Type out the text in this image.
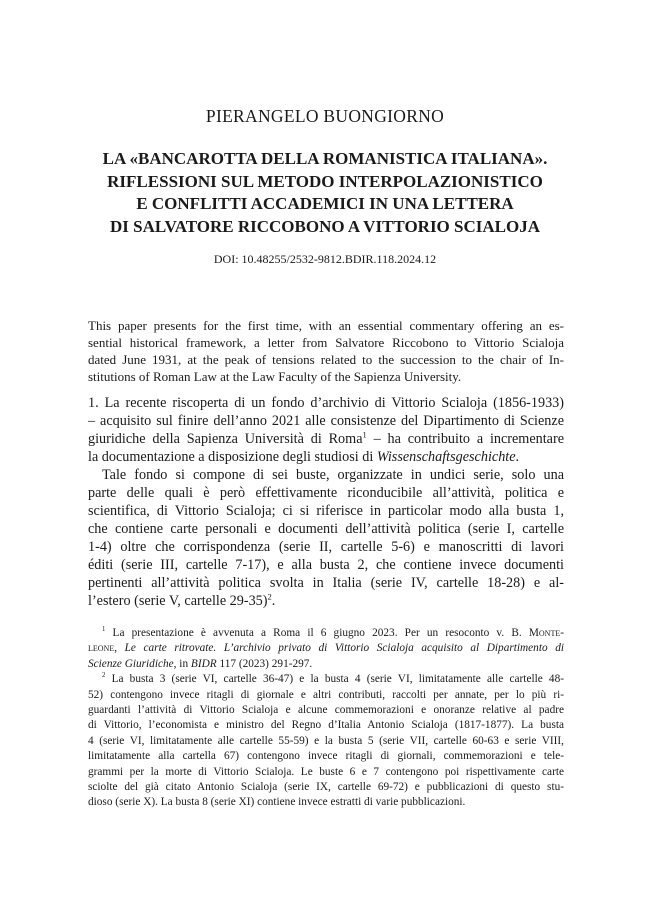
PIERANGELO BUONGIORNO
LA «BANCAROTTA DELLA ROMANISTICA ITALIANA».
RIFLESSIONI SUL METODO INTERPOLAZIONISTICO
E CONFLITTI ACCADEMICI IN UNA LETTERA
DI SALVATORE RICCOBONO A VITTORIO SCIALOJA
DOI: 10.48255/2532-9812.BDIR.118.2024.12
This paper presents for the first time, with an essential commentary offering an es-
sential historical framework, a letter from Salvatore Riccobono to Vittorio Scialoja
dated June 1931, at the peak of tensions related to the succession to the chair of In-
stitutions of Roman Law at the Law Faculty of the Sapienza University.
1. La recente riscoperta di un fondo d’archivio di Vittorio Scialoja (1856-1933)
– acquisito sul finire dell’anno 2021 alle consistenze del Dipartimento di Scienze
giuridiche della Sapienza Università di Roma$^1$ – ha contribuito a incrementare
la documentazione a disposizione degli studiosi di Wissenschaftsgeschichte.
Tale fondo si compone di sei buste, organizzate in undici serie, solo una
parte delle quali è però effettivamente riconducibile all’attività, politica e
scientifica, di Vittorio Scialoja; ci si riferisce in particolar modo alla busta 1,
che contiene carte personali e documenti dell’attività politica (serie I, cartelle
1-4) oltre che corrispondenza (serie II, cartelle 5-6) e manoscritti di lavori
éditi (serie III, cartelle 7-17), e alla busta 2, che contiene invece documenti
pertinenti all’attività politica svolta in Italia (serie IV, cartelle 18-28) e al-
l’estero (serie V, cartelle 29-35)$^2$.
$^1$ La presentazione è avvenuta a Roma il 6 giugno 2023. Per un resoconto v. B. Monte-
leone, Le carte ritrovate. L’archivio privato di Vittorio Scialoja acquisito al Dipartimento di
Scienze Giuridiche, in BIDR 117 (2023) 291-297.
$^2$ La busta 3 (serie VI, cartelle 36-47) e la busta 4 (serie VI, limitatamente alle cartelle 48-
52) contengono invece ritagli di giornale e altri contributi, raccolti per annate, per lo più ri-
guardanti l’attività di Vittorio Scialoja e alcune commemorazioni e onoranze relative al padre
di Vittorio, l’economista e ministro del Regno d’Italia Antonio Scialoja (1817-1877). La busta
4 (serie VI, limitatamente alle cartelle 55-59) e la busta 5 (serie VII, cartelle 60-63 e serie VIII,
limitatamente alla cartella 67) contengono invece ritagli di giornali, commemorazioni e tele-
grammi per la morte di Vittorio Scialoja. Le buste 6 e 7 contengono poi rispettivamente carte
sciolte del già citato Antonio Scialoja (serie IX, cartelle 69-72) e pubblicazioni di questo stu-
dioso (serie X). La busta 8 (serie XI) contiene invece estratti di varie pubblicazioni.
